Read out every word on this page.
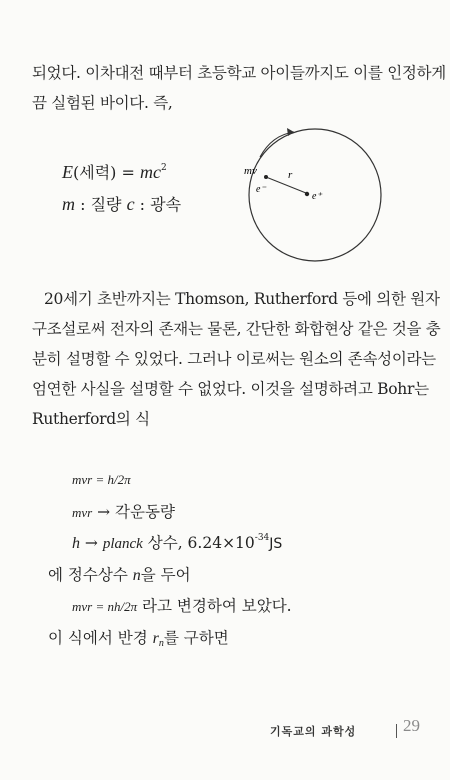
되었다. 이차대전 때부터 초등학교 아이들까지도 이를 인정하게
끔 실험된 바이다. 즉,
E(세력) = $mc^2$
m : 질량 c : 광속
mv	r
e⁻
e⁺
20세기 초반까지는 Thomson, Rutherford 등에 의한 원자
구조설로써 전자의 존재는 물론, 간단한 화합현상 같은 것을 충
분히 설명할 수 있었다. 그러나 이로써는 원소의 존속성이라는
엄연한 사실을 설명할 수 없었다. 이것을 설명하려고 Bohr는
Rutherford의 식
mvr = h/2π
mvr → 각운동량
h → planck 상수, $6.24\times 10^{-34}JS$
에 정수상수 n을 두어
mvr = nh/2π 라고 변경하여 보았다.
이 식에서 반경 rn를 구하면
기독교의 과학성	29
